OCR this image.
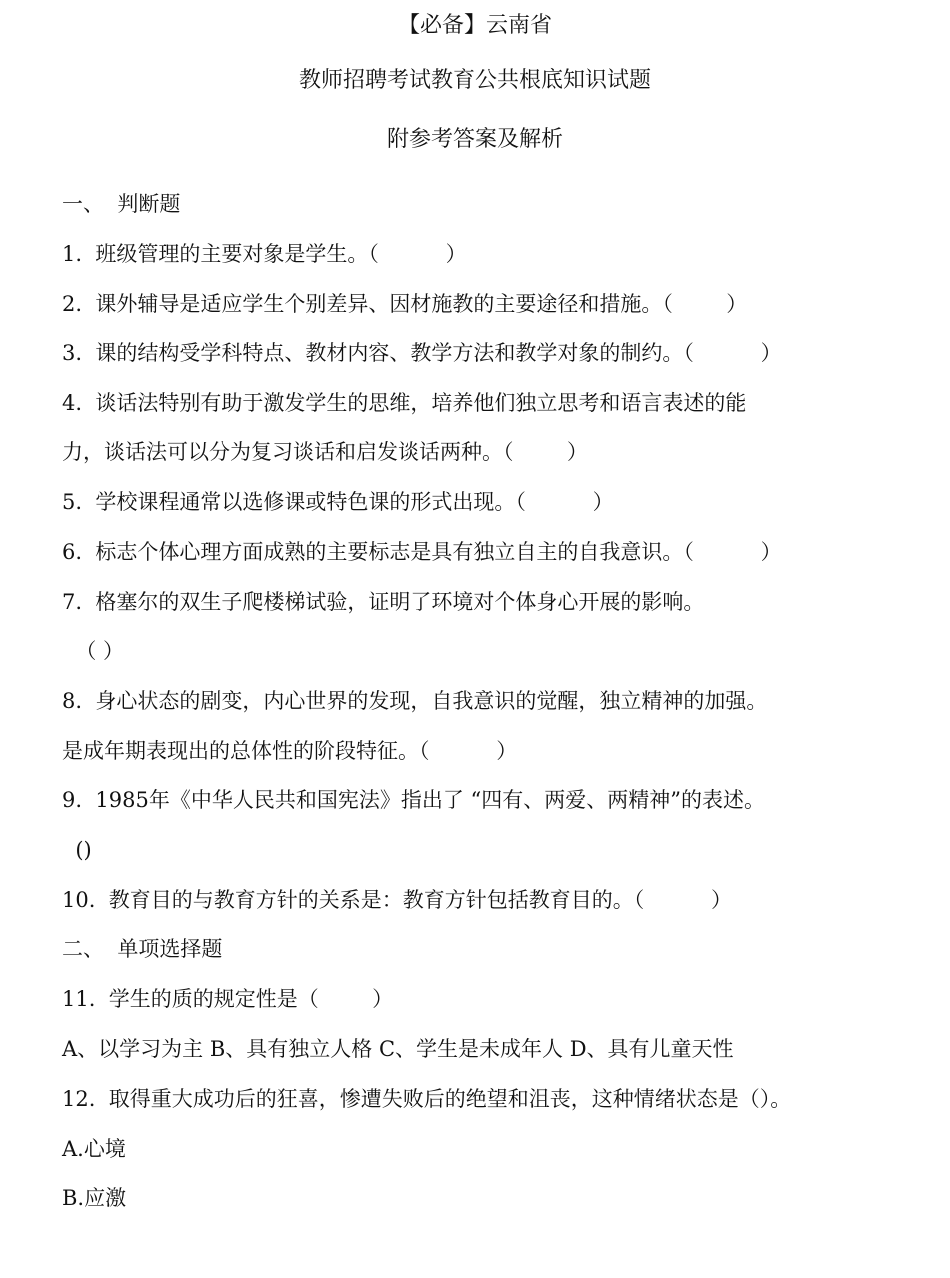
【必备】云南省
教师招聘考试教育公共根底知识试题
附参考答案及解析
一、  判断题
1.  班级管理的主要对象是学生。（          ）
2.  课外辅导是适应学生个别差异、因材施教的主要途径和措施。（        ）
3.  课的结构受学科特点、教材内容、教学方法和教学对象的制约。（          ）
4.  谈话法特别有助于激发学生的思维，培养他们独立思考和语言表述的能
力，谈话法可以分为复习谈话和启发谈话两种。（        ）
5.  学校课程通常以选修课或特色课的形式出现。（          ）
6.  标志个体心理方面成熟的主要标志是具有独立自主的自我意识。（          ）
7.  格塞尔的双生子爬楼梯试验，证明了环境对个体身心开展的影响。
（ ）
8.  身心状态的剧变，内心世界的发现，自我意识的觉醒，独立精神的加强。
是成年期表现出的总体性的阶段特征。（          ）
9.  1985年《中华人民共和国宪法》指出了 “四有、两爱、两精神”的表述。
()
10.  教育目的与教育方针的关系是：教育方针包括教育目的。（          ）
二、  单项选择题
11.  学生的质的规定性是（        ）
A、以学习为主 B、具有独立人格 C、学生是未成年人 D、具有儿童天性
12.  取得重大成功后的狂喜，惨遭失败后的绝望和沮丧，这种情绪状态是（）。
A.心境
B.应激
